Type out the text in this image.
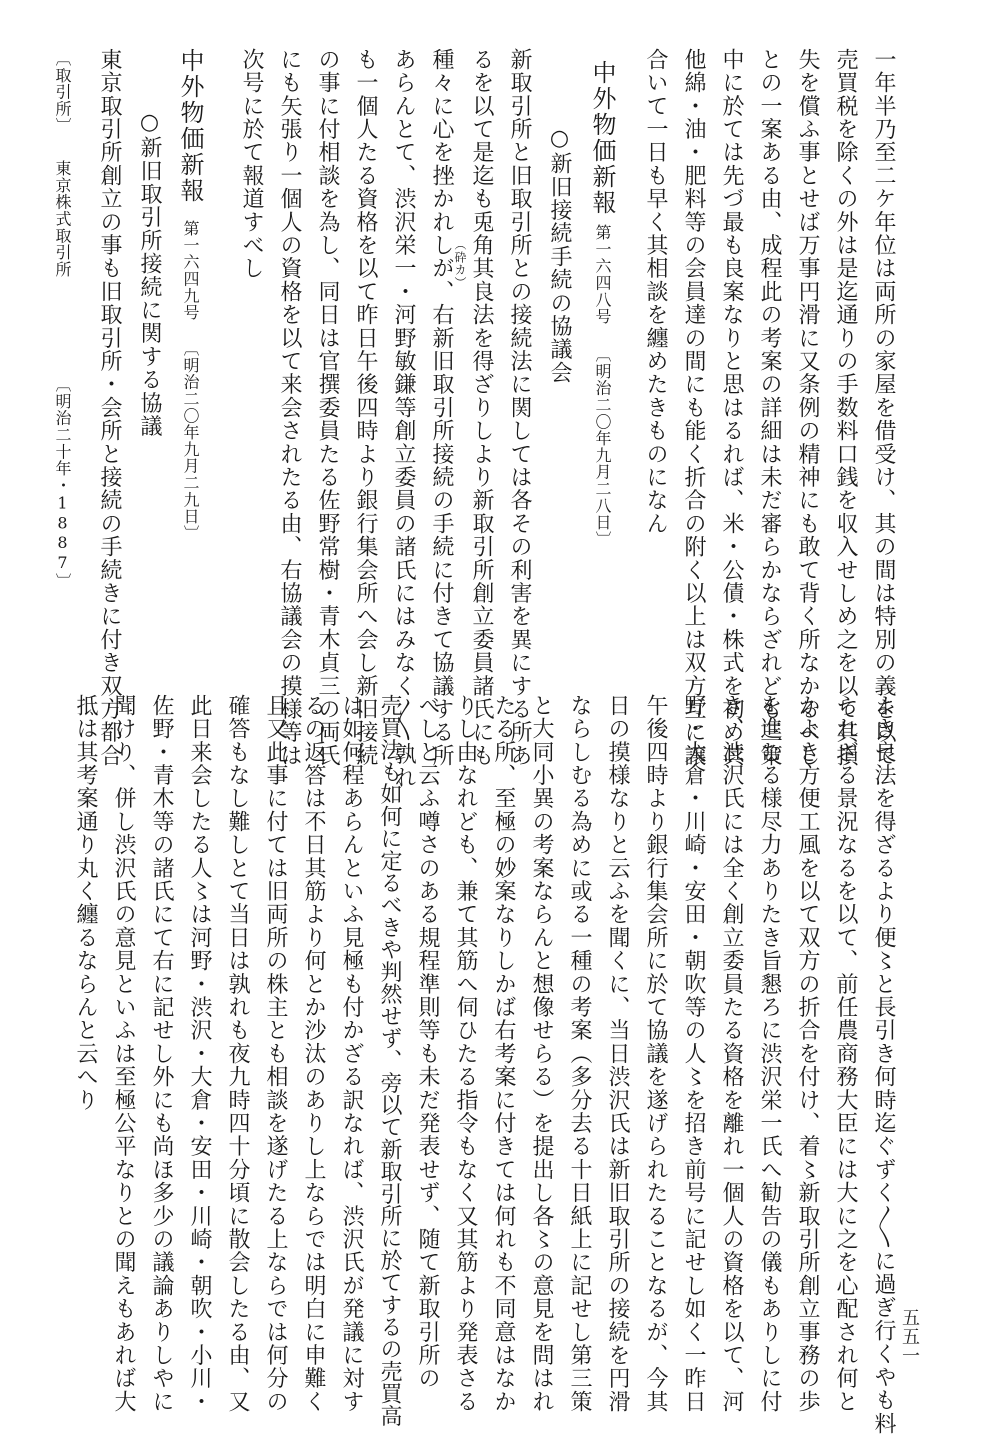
一年半乃至二ケ年位は両所の家屋を借受け、其の間は特別の義を以て
売買税を除くの外は是迄通りの手数料口銭を収入せしめ之を以て其損
失を償ふ事とせば万事円滑に又条例の精神にも敢て背く所なかるべし
との一案ある由、成程此の考案の詳細は未だ審らかならざれども三策
中に於ては先づ最も良案なりと思はるれば、米・公債・株式を初め其
他綿・油・肥料等の会員達の間にも能く折合の附く以上は双方互に譲
合いて一日も早く其相談を纏めたきものになん
中外物価新報
第一六四八号
〔明治二〇年九月二八日〕
○新旧接続手続の協議会
新取引所と旧取引所との接続法に関しては各その利害を異にする所あ
るを以て是迄も兎角其良法を得ざりしより新取引所創立委員諸氏にも
（砕カ）
種々に心を挫かれしが、右新旧取引所接続の手続に付きて協議する所
あらんとて、渋沢栄一・河野敏鎌等創立委員の諸氏にはみなく〳〵孰れ
も一個人たる資格を以て昨日午後四時より銀行集会所へ会し新旧接続
の事に付相談を為し、同日は官撰委員たる佐野常樹・青木貞三の両氏
にも矢張り一個人の資格を以て来会されたる由、右協議会の摸様等は
次号に於て報道すべし
中外物価新報
第一六四九号
〔明治二〇年九月二九日〕
○新旧取引所接続に関する協議
東京取引所創立の事も旧取引所・会所と接続の手続きに付き双方都合
〔取引所〕
東京株式取引所
〔明治二十年・1887〕
よき良法を得ざるより便〻と長引き何時迄ぐずく〳〵に過ぎ行くやも料
られざる景況なるを以て、前任農商務大臣には大に之を心配され何と
かよき方便工風を以て双方の折合を付け、着〻新取引所創立事務の歩
を進むる様尽力ありたき旨懇ろに渋沢栄一氏へ勧告の儀もありしに付
き、渋沢氏には全く創立委員たる資格を離れ一個人の資格を以て、河
野・大倉・川崎・安田・朝吹等の人〻を招き前号に記せし如く一昨日
午後四時より銀行集会所に於て協議を遂げられたることなるが、今其
日の摸様なりと云ふを聞くに、当日渋沢氏は新旧取引所の接続を円滑
ならしむる為めに或る一種の考案（多分去る十日紙上に記せし第三策
と大同小異の考案ならんと想像せらる）を提出し各〻の意見を問はれ
たる所、至極の妙案なりしかば右考案に付きては何れも不同意はなか
りし由なれども、兼て其筋へ伺ひたる指令もなく又其筋より発表さる
べしと云ふ噂さのある規程準則等も未だ発表せず、随て新取引所の
売買法も如何に定るべきや判然せず、旁以て新取引所に於てするの売買高
は如何程あらんといふ見極も付かざる訳なれば、渋沢氏が発議に対す
るの返答は不日其筋より何とか沙汰のありし上ならでは明白に申難く
且又此事に付ては旧両所の株主とも相談を遂げたる上ならでは何分の
確答もなし難しとて当日は孰れも夜九時四十分頃に散会したる由、又
此日来会したる人〻は河野・渋沢・大倉・安田・川崎・朝吹・小川・
佐野・青木等の諸氏にて右に記せし外にも尚ほ多少の議論ありしやに
聞けり、併し渋沢氏の意見といふは至極公平なりとの聞えもあれば大
抵は其考案通り丸く纏るならんと云へり
五五一
